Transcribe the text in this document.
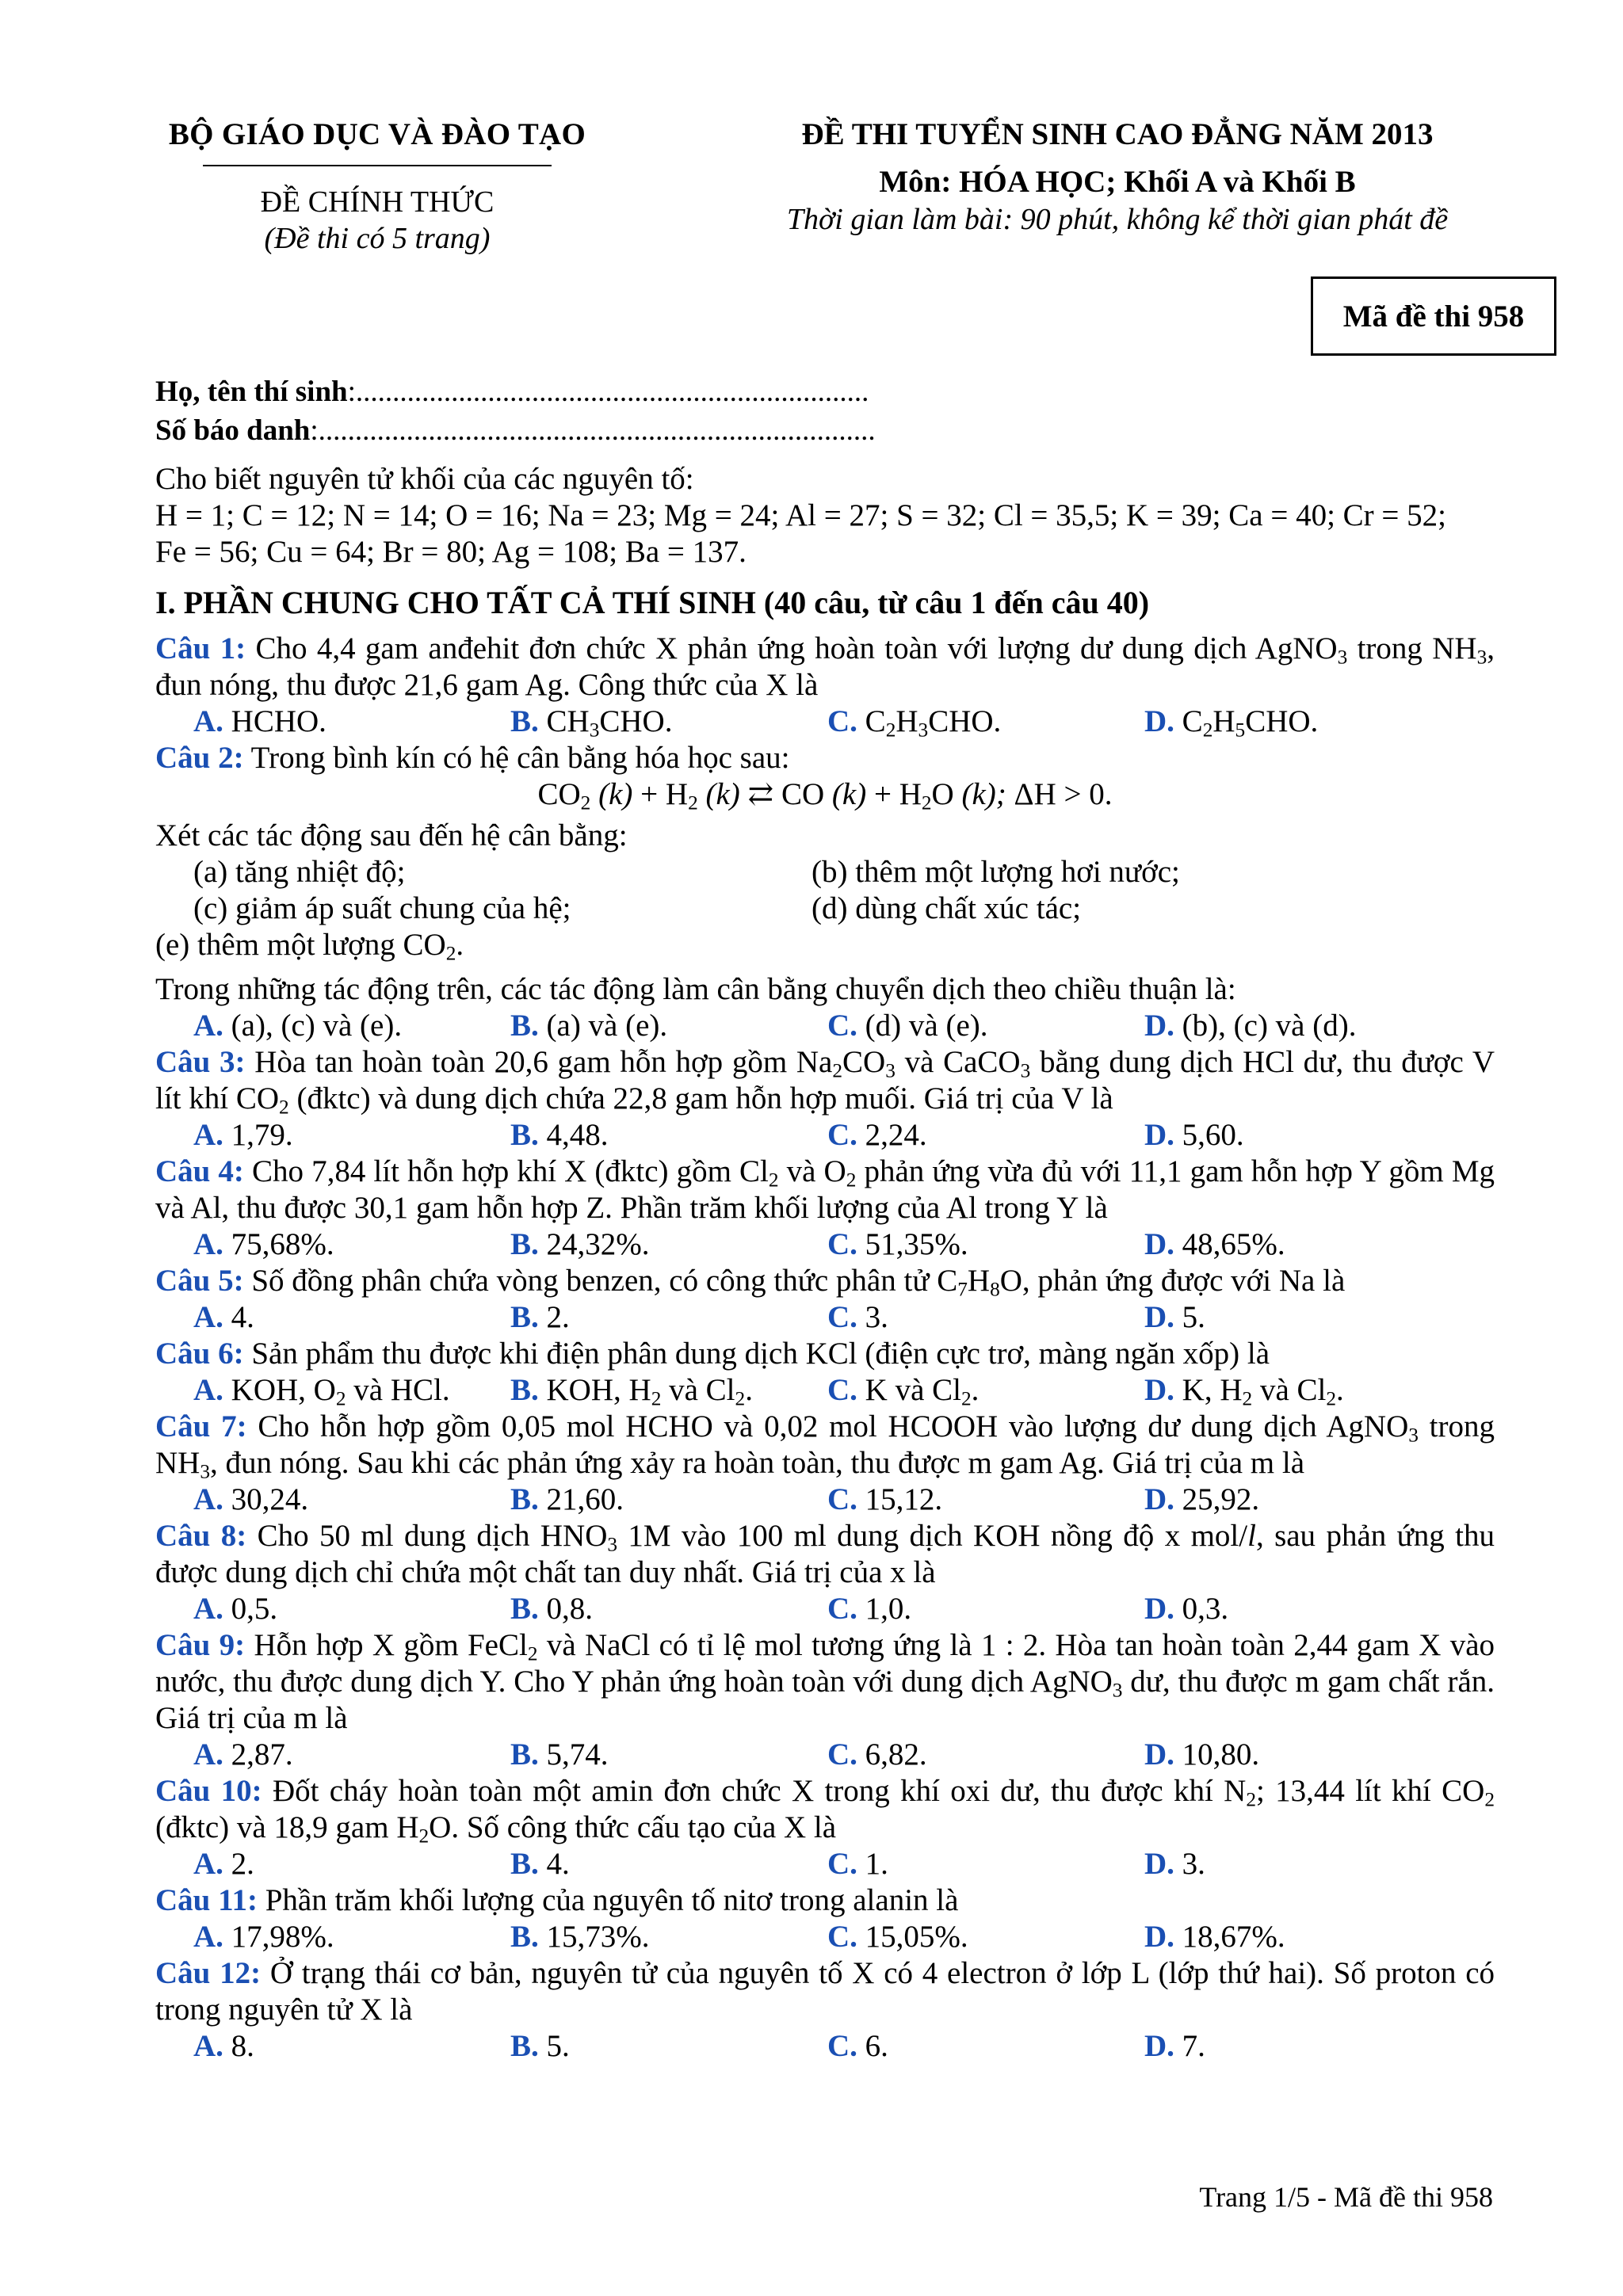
BỘ GIÁO DỤC VÀ ĐÀO TẠO
ĐỀ CHÍNH THỨC
(Đề thi có 5 trang)
ĐỀ THI TUYỂN SINH CAO ĐẲNG NĂM 2013
Môn: HÓA HỌC; Khối A và Khối B
Thời gian làm bài: 90 phút, không kể thời gian phát đề
Mã đề thi 958
Họ, tên thí sinh:......................................................................
Số báo danh:............................................................................

Cho biết nguyên tử khối của các nguyên tố:

H = 1; C = 12; N = 14; O = 16; Na = 23; Mg = 24; Al = 27; S = 32; Cl = 35,5; K = 39; Ca = 40; Cr = 52;

Fe = 56; Cu = 64; Br = 80; Ag = 108; Ba = 137.

I. PHẦN CHUNG CHO TẤT CẢ THÍ SINH (40 câu, từ câu 1 đến câu 40)

Câu 1: Cho 4,4 gam anđehit đơn chức X phản ứng hoàn toàn với lượng dư dung dịch AgNO$_3$ trong $NH_3$, đun nóng, thu được 21,6 gam Ag. Công thức của X là

A. HCHO.	B. $CH_3CHO$.	C. $C_2H_3CHO$.	D. $C_2H_5CHO$.

Câu 2: Trong bình kín có hệ cân bằng hóa học sau:

$CO_2$ $(k) + H_2$ (k) ⇄ CO $(k) + H_2O$ (k); ΔH > 0.

Xét các tác động sau đến hệ cân bằng:

(a) tăng nhiệt độ;	(b) thêm một lượng hơi nước;
(c) giảm áp suất chung của hệ;	(d) dùng chất xúc tác;

(e) thêm một lượng $CO_2$.

Trong những tác động trên, các tác động làm cân bằng chuyển dịch theo chiều thuận là:

A. (a), (c) và (e).	B. (a) và (e).	C. (d) và (e).	D. (b), (c) và (d).

Câu 3: Hòa tan hoàn toàn 20,6 gam hỗn hợp gồm $Na_2CO_3$ và CaCO$_3$ bằng dung dịch HCl dư, thu được V lít khí $CO_2$ (đktc) và dung dịch chứa 22,8 gam hỗn hợp muối. Giá trị của V là

A. 1,79.	B. 4,48.	C. 2,24.	D. 5,60.

Câu 4: Cho 7,84 lít hỗn hợp khí X (đktc) gồm $Cl_2$ và $O_2$ phản ứng vừa đủ với 11,1 gam hỗn hợp Y gồm Mg và Al, thu được 30,1 gam hỗn hợp Z. Phần trăm khối lượng của Al trong Y là

A. 75,68%.	B. 24,32%.	C. 51,35%.	D. 48,65%.

Câu 5: Số đồng phân chứa vòng benzen, có công thức phân tử $C_7H_8O$, phản ứng được với Na là

A. 4.	B. 2.	C. 3.	D. 5.

Câu 6: Sản phẩm thu được khi điện phân dung dịch KCl (điện cực trơ, màng ngăn xốp) là

A. KOH, $O_2$ và HCl.	B. KOH, $H_2$ và $Cl_2$.	C. K và $Cl_2$.	D. K, $H_2$ và $Cl_2$.

Câu 7: Cho hỗn hợp gồm 0,05 mol HCHO và 0,02 mol HCOOH vào lượng dư dung dịch AgNO$_3$ trong $NH_3$, đun nóng. Sau khi các phản ứng xảy ra hoàn toàn, thu được m gam Ag. Giá trị của m là

A. 30,24.	B. 21,60.	C. 15,12.	D. 25,92.

Câu 8: Cho 50 ml dung dịch $HNO_3$ 1M vào 100 ml dung dịch KOH nồng độ x mol/l, sau phản ứng thu được dung dịch chỉ chứa một chất tan duy nhất. Giá trị của x là

A. 0,5.	B. 0,8.	C. 1,0.	D. 0,3.

Câu 9: Hỗn hợp X gồm FeCl$_2$ và NaCl có tỉ lệ mol tương ứng là 1 : 2. Hòa tan hoàn toàn 2,44 gam X vào nước, thu được dung dịch Y. Cho Y phản ứng hoàn toàn với dung dịch AgNO$_3$ dư, thu được m gam chất rắn. Giá trị của m là

A. 2,87.	B. 5,74.	C. 6,82.	D. 10,80.

Câu 10: Đốt cháy hoàn toàn một amin đơn chức X trong khí oxi dư, thu được khí $N_2$; 13,44 lít khí $CO_2$ (đktc) và 18,9 gam $H_2O$. Số công thức cấu tạo của X là

A. 2.	B. 4.	C. 1.	D. 3.

Câu 11: Phần trăm khối lượng của nguyên tố nitơ trong alanin là

A. 17,98%.	B. 15,73%.	C. 15,05%.	D. 18,67%.

Câu 12: Ở trạng thái cơ bản, nguyên tử của nguyên tố X có 4 electron ở lớp L (lớp thứ hai). Số proton có trong nguyên tử X là

A. 8.	B. 5.	C. 6.	D. 7.
Trang 1/5 - Mã đề thi 958
